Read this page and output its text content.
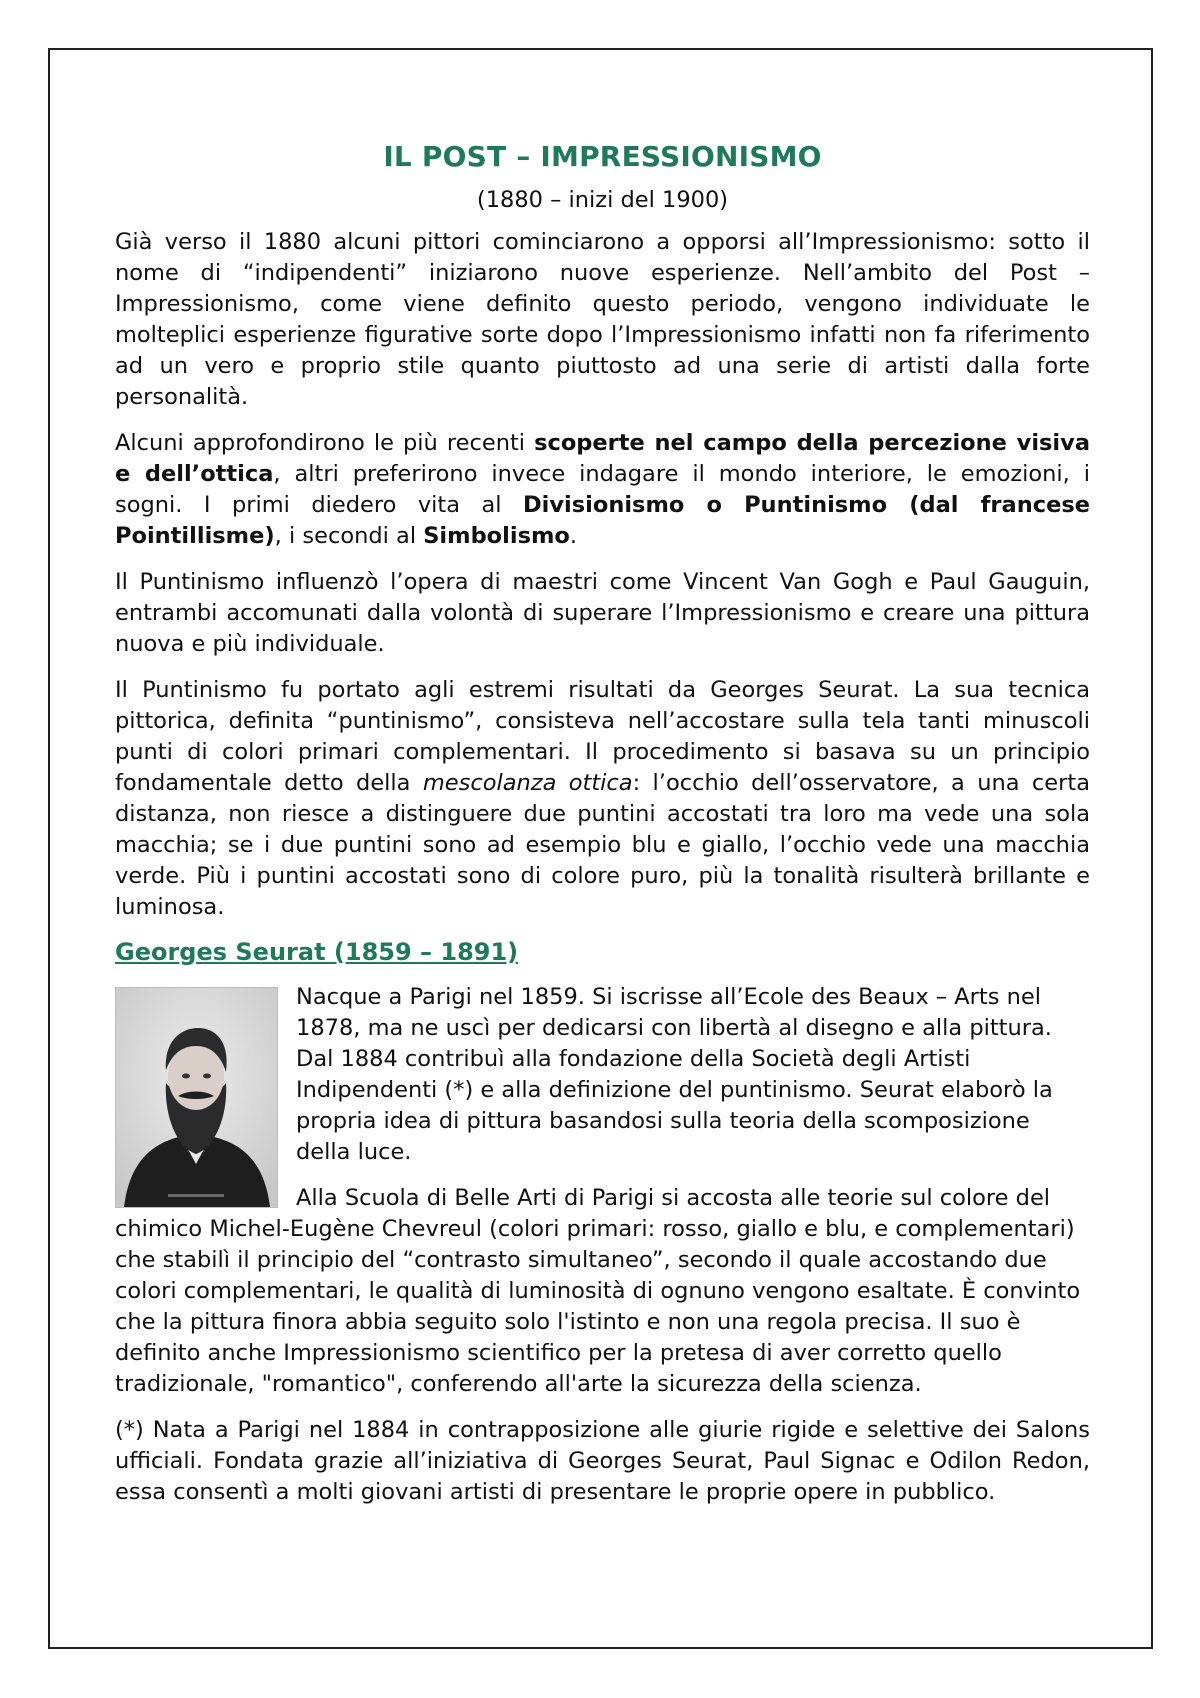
IL POST – IMPRESSIONISMO

(1880 – inizi del 1900)

Già verso il 1880 alcuni pittori cominciarono a opporsi all’Impressionismo: sotto il nome di “indipendenti” iniziarono nuove esperienze. Nell’ambito del Post – Impressionismo, come viene definito questo periodo, vengono individuate le molteplici esperienze figurative sorte dopo l’Impressionismo infatti non fa riferimento ad un vero e proprio stile quanto piuttosto ad una serie di artisti dalla forte personalità.

Alcuni approfondirono le più recenti scoperte nel campo della percezione visiva e dell’ottica, altri preferirono invece indagare il mondo interiore, le emozioni, i sogni. I primi diedero vita al Divisionismo o Puntinismo (dal francese Pointillisme), i secondi al Simbolismo.

Il Puntinismo influenzò l’opera di maestri come Vincent Van Gogh e Paul Gauguin, entrambi accomunati dalla volontà di superare l’Impressionismo e creare una pittura nuova e più individuale.

Il Puntinismo fu portato agli estremi risultati da Georges Seurat. La sua tecnica pittorica, definita “puntinismo”, consisteva nell’accostare sulla tela tanti minuscoli punti di colori primari complementari. Il procedimento si basava su un principio fondamentale detto della mescolanza ottica: l’occhio dell’osservatore, a una certa distanza, non riesce a distinguere due puntini accostati tra loro ma vede una sola macchia; se i due puntini sono ad esempio blu e giallo, l’occhio vede una macchia verde. Più i puntini accostati sono di colore puro, più la tonalità risulterà brillante e luminosa.

Georges Seurat (1859 – 1891)

Nacque a Parigi nel 1859. Si iscrisse all’Ecole des Beaux – Arts nel 1878, ma ne uscì per dedicarsi con libertà al disegno e alla pittura. Dal 1884 contribuì alla fondazione della Società degli Artisti Indipendenti (*) e alla definizione del puntinismo. Seurat elaborò la propria idea di pittura basandosi sulla teoria della scomposizione della luce.

Alla Scuola di Belle Arti di Parigi si accosta alle teorie sul colore del chimico Michel-Eugène Chevreul (colori primari: rosso, giallo e blu, e complementari) che stabilì il principio del “contrasto simultaneo”, secondo il quale accostando due colori complementari, le qualità di luminosità di ognuno vengono esaltate. È convinto che la pittura finora abbia seguito solo l'istinto e non una regola precisa. Il suo è definito anche Impressionismo scientifico per la pretesa di aver corretto quello tradizionale, "romantico", conferendo all'arte la sicurezza della scienza.

(*) Nata a Parigi nel 1884 in contrapposizione alle giurie rigide e selettive dei Salons ufficiali. Fondata grazie all’iniziativa di Georges Seurat, Paul Signac e Odilon Redon, essa consentì a molti giovani artisti di presentare le proprie opere in pubblico.
